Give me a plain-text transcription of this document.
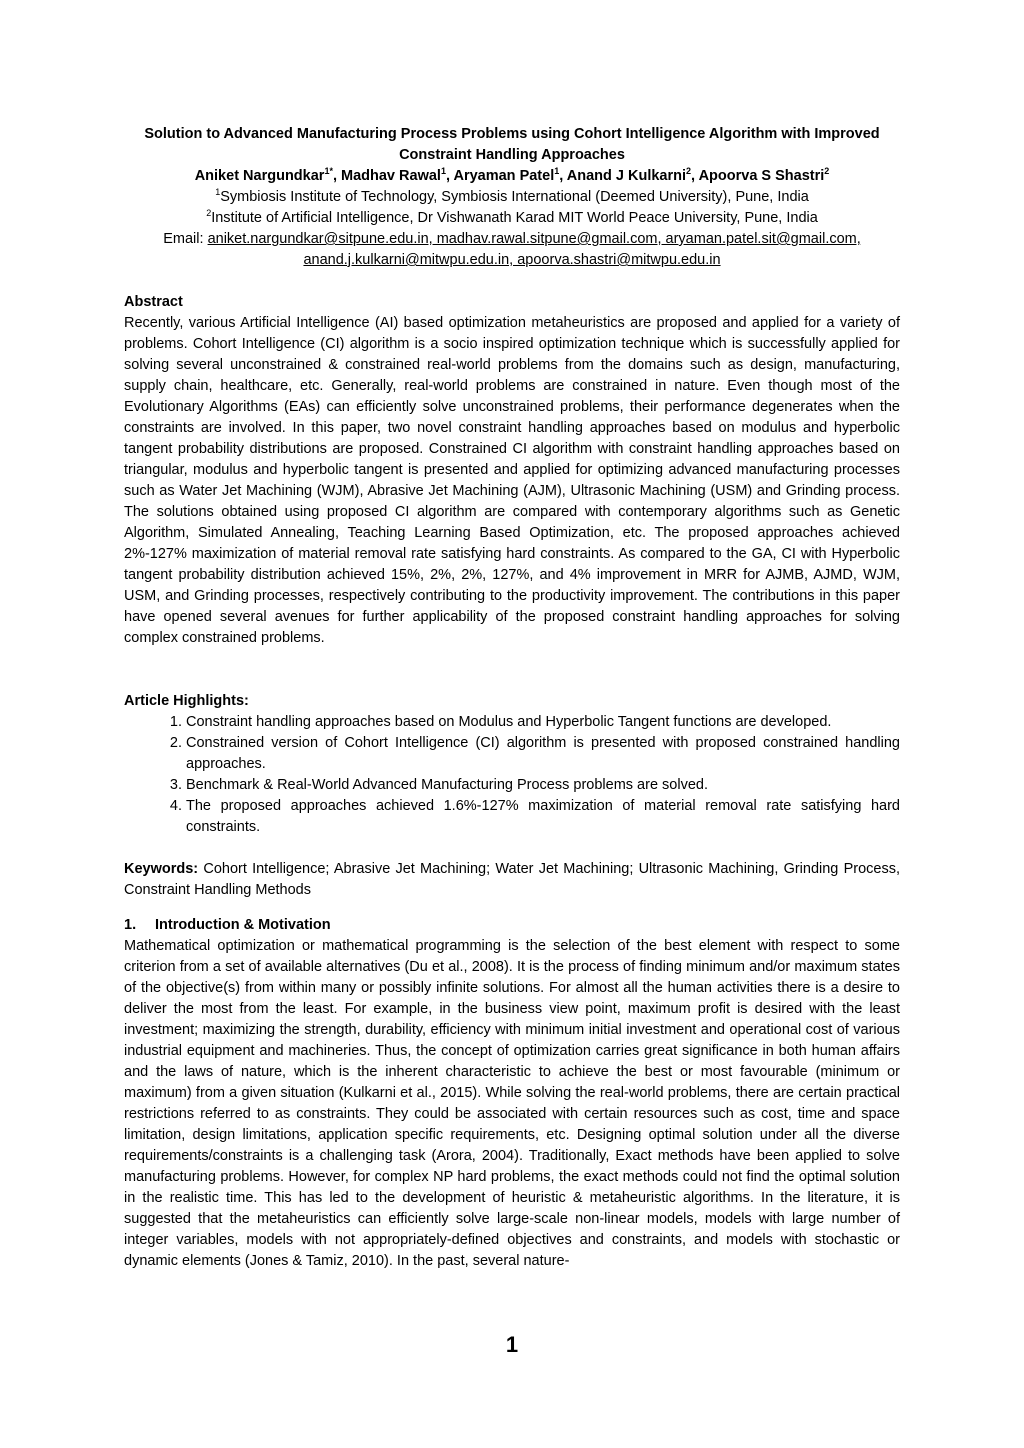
Solution to Advanced Manufacturing Process Problems using Cohort Intelligence Algorithm with Improved Constraint Handling Approaches

Aniket Nargundkar$^{1*}$, Madhav Rawal$^1$, Aryaman Patel$^1$, Anand J Kulkarni$^2$, Apoorva S Shastri$^2$

$^1$Symbiosis Institute of Technology, Symbiosis International (Deemed University), Pune, India

$^2$Institute of Artificial Intelligence, Dr Vishwanath Karad MIT World Peace University, Pune, India

Email: aniket.nargundkar@sitpune.edu.in, madhav.rawal.sitpune@gmail.com, aryaman.patel.sit@gmail.com,

anand.j.kulkarni@mitwpu.edu.in, apoorva.shastri@mitwpu.edu.in

Abstract

Recently, various Artificial Intelligence (AI) based optimization metaheuristics are proposed and applied for a variety of problems. Cohort Intelligence (CI) algorithm is a socio inspired optimization technique which is successfully applied for solving several unconstrained & constrained real-world problems from the domains such as design, manufacturing, supply chain, healthcare, etc. Generally, real-world problems are constrained in nature. Even though most of the Evolutionary Algorithms (EAs) can efficiently solve unconstrained problems, their performance degenerates when the constraints are involved. In this paper, two novel constraint handling approaches based on modulus and hyperbolic tangent probability distributions are proposed. Constrained CI algorithm with constraint handling approaches based on triangular, modulus and hyperbolic tangent is presented and applied for optimizing advanced manufacturing processes such as Water Jet Machining (WJM), Abrasive Jet Machining (AJM), Ultrasonic Machining (USM) and Grinding process. The solutions obtained using proposed CI algorithm are compared with contemporary algorithms such as Genetic Algorithm, Simulated Annealing, Teaching Learning Based Optimization, etc. The proposed approaches achieved 2%-127% maximization of material removal rate satisfying hard constraints. As compared to the GA, CI with Hyperbolic tangent probability distribution achieved 15%, 2%, 2%, 127%, and 4% improvement in MRR for AJMB, AJMD, WJM, USM, and Grinding processes, respectively contributing to the productivity improvement. The contributions in this paper have opened several avenues for further applicability of the proposed constraint handling approaches for solving complex constrained problems.

Article Highlights:

1. Constraint handling approaches based on Modulus and Hyperbolic Tangent functions are developed.
2. Constrained version of Cohort Intelligence (CI) algorithm is presented with proposed constrained handling approaches.
3. Benchmark & Real-World Advanced Manufacturing Process problems are solved.
4. The proposed approaches achieved 1.6%-127% maximization of material removal rate satisfying hard constraints.

Keywords: Cohort Intelligence; Abrasive Jet Machining; Water Jet Machining; Ultrasonic Machining, Grinding Process, Constraint Handling Methods

1. Introduction & Motivation

Mathematical optimization or mathematical programming is the selection of the best element with respect to some criterion from a set of available alternatives (Du et al., 2008). It is the process of finding minimum and/or maximum states of the objective(s) from within many or possibly infinite solutions. For almost all the human activities there is a desire to deliver the most from the least. For example, in the business view point, maximum profit is desired with the least investment; maximizing the strength, durability, efficiency with minimum initial investment and operational cost of various industrial equipment and machineries. Thus, the concept of optimization carries great significance in both human affairs and the laws of nature, which is the inherent characteristic to achieve the best or most favourable (minimum or maximum) from a given situation (Kulkarni et al., 2015). While solving the real-world problems, there are certain practical restrictions referred to as constraints. They could be associated with certain resources such as cost, time and space limitation, design limitations, application specific requirements, etc. Designing optimal solution under all the diverse requirements/constraints is a challenging task (Arora, 2004). Traditionally, Exact methods have been applied to solve manufacturing problems. However, for complex NP hard problems, the exact methods could not find the optimal solution in the realistic time. This has led to the development of heuristic & metaheuristic algorithms. In the literature, it is suggested that the metaheuristics can efficiently solve large-scale non-linear models, models with large number of integer variables, models with not appropriately-defined objectives and constraints, and models with stochastic or dynamic elements (Jones & Tamiz, 2010). In the past, several nature-

1
